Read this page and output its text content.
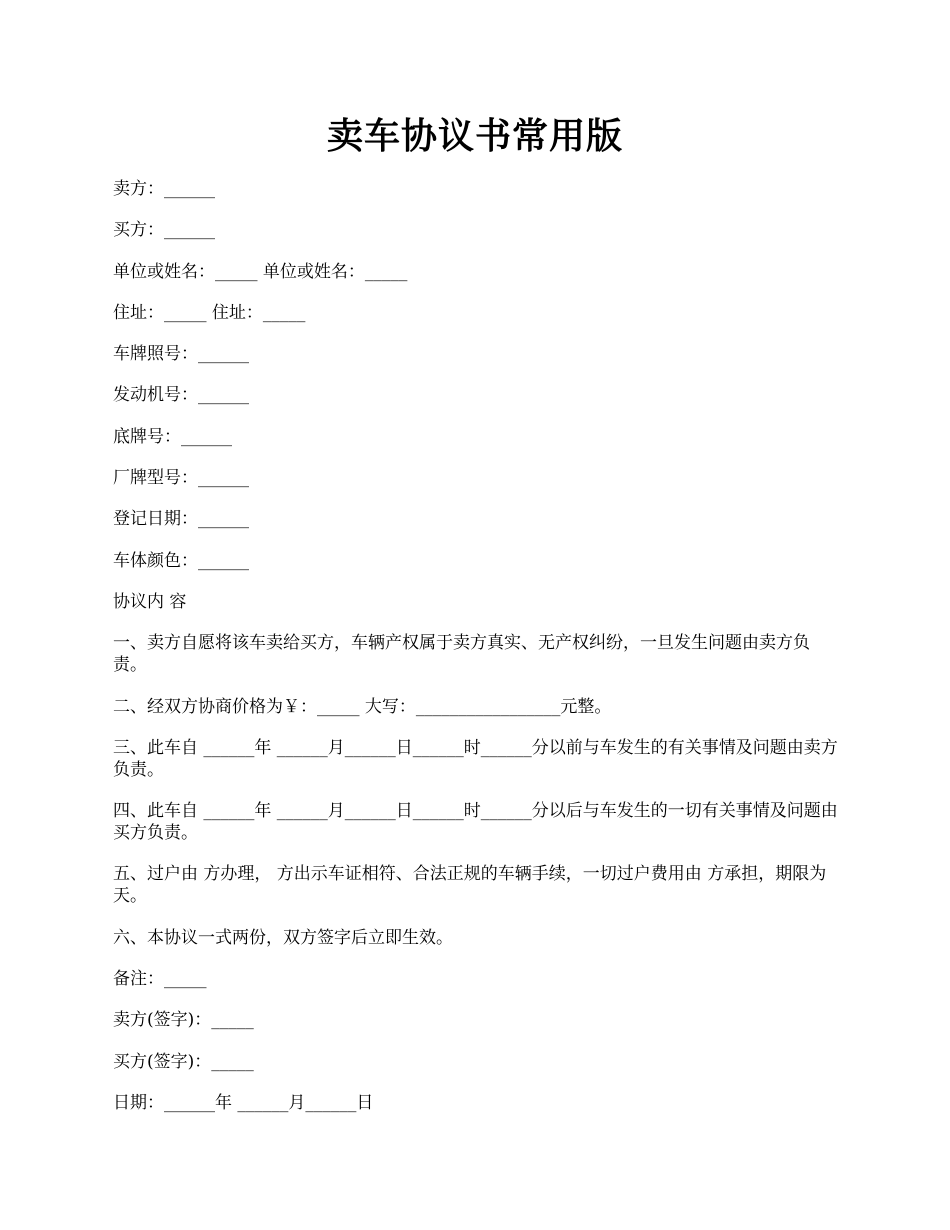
卖车协议书常用版

卖方：______

买方：______

单位或姓名：_____ 单位或姓名：_____

住址：_____ 住址：_____

车牌照号：______

发动机号：______

底牌号：______

厂牌型号：______

登记日期：______

车体颜色：______

协议内 容

一、卖方自愿将该车卖给买方，车辆产权属于卖方真实、无产权纠纷，一旦发生问题由卖方负责。

二、经双方协商价格为￥：_____ 大写：_________________元整。

三、此车自 ______年 ______月______日______时______分以前与车发生的有关事情及问题由卖方负责。

四、此车自 ______年 ______月______日______时______分以后与车发生的一切有关事情及问题由买方负责。

五、过户由 方办理， 方出示车证相符、合法正规的车辆手续，一切过户费用由 方承担，期限为 天。

六、本协议一式两份，双方签字后立即生效。

备注：_____

卖方(签字)：_____

买方(签字)：_____

日期：______年 ______月______日
